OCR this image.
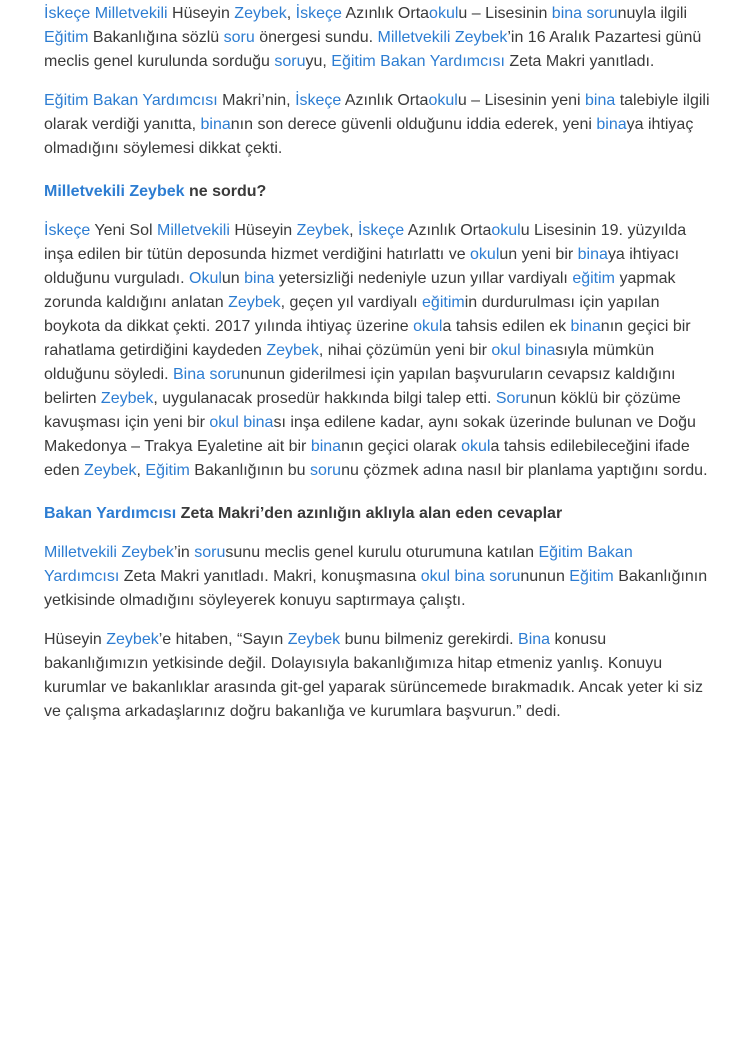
İskeçe Milletvekili Hüseyin Zeybek, İskeçe Azınlık Ortaokulu – Lisesinin bina sorunuyla ilgili Eğitim Bakanlığına sözlü soru önergesi sundu. Milletvekili Zeybek’in 16 Aralık Pazartesi günü meclis genel kurulunda sorduğu soruyu, Eğitim Bakan Yardımcısı Zeta Makri yanıtladı.

Eğitim Bakan Yardımcısı Makri’nin, İskeçe Azınlık Ortaokulu – Lisesinin yeni bina talebiyle ilgili olarak verdiği yanıtta, binanın son derece güvenli olduğunu iddia ederek, yeni binaya ihtiyaç olmadığını söylemesi dikkat çekti.

Milletvekili Zeybek ne sordu?

İskeçe Yeni Sol Milletvekili Hüseyin Zeybek, İskeçe Azınlık Ortaokulu Lisesinin 19. yüzyılda inşa edilen bir tütün deposunda hizmet verdiğini hatırlattı ve okulun yeni bir binaya ihtiyacı olduğunu vurguladı. Okulun bina yetersizliği nedeniyle uzun yıllar vardiyalı eğitim yapmak zorunda kaldığını anlatan Zeybek, geçen yıl vardiyalı eğitimin durdurulması için yapılan boykota da dikkat çekti. 2017 yılında ihtiyaç üzerine okula tahsis edilen ek binanın geçici bir rahatlama getirdiğini kaydeden Zeybek, nihai çözümün yeni bir okul binasıyla mümkün olduğunu söyledi. Bina sorununun giderilmesi için yapılan başvuruların cevapsız kaldığını belirten Zeybek, uygulanacak prosedür hakkında bilgi talep etti. Sorunun köklü bir çözüme kavuşması için yeni bir okul binası inşa edilene kadar, aynı sokak üzerinde bulunan ve Doğu Makedonya – Trakya Eyaletine ait bir binanın geçici olarak okula tahsis edilebileceğini ifade eden Zeybek, Eğitim Bakanlığının bu sorunu çözmek adına nasıl bir planlama yaptığını sordu.

Bakan Yardımcısı Zeta Makri’den azınlığın aklıyla alan eden cevaplar

Milletvekili Zeybek’in sorusunu meclis genel kurulu oturumuna katılan Eğitim Bakan Yardımcısı Zeta Makri yanıtladı. Makri, konuşmasına okul bina sorununun Eğitim Bakanlığının yetkisinde olmadığını söyleyerek konuyu saptırmaya çalıştı.

Hüseyin Zeybek’e hitaben, “Sayın Zeybek bunu bilmeniz gerekirdi. Bina konusu bakanlığımızın yetkisinde değil. Dolayısıyla bakanlığımıza hitap etmeniz yanlış. Konuyu kurumlar ve bakanlıklar arasında git-gel yaparak sürüncemede bırakmadık. Ancak yeter ki siz ve çalışma arkadaşlarınız doğru bakanlığa ve kurumlara başvurun.” dedi.
